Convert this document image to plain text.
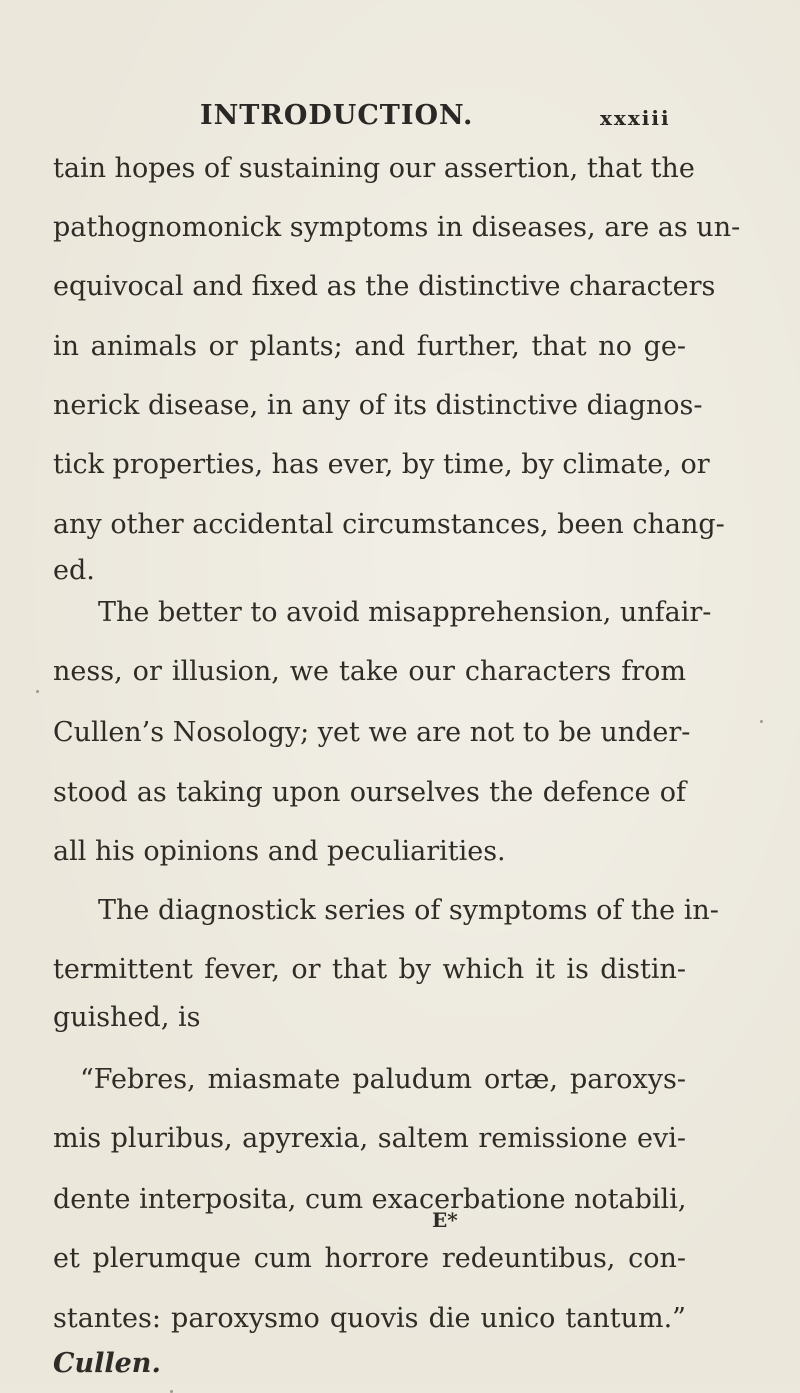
INTRODUCTION.	xxxiii
tain hopes of sustaining our assertion, that the
pathognomonick symptoms in diseases, are as un-
equivocal and fixed as the distinctive characters
in animals or plants; and further, that no ge-
nerick disease, in any of its distinctive diagnos-
tick properties, has ever, by time, by climate, or
any other accidental circumstances, been chang-
ed.
The better to avoid misapprehension, unfair-
ness, or illusion, we take our characters from
Cullen’s Nosology; yet we are not to be under-
stood as taking upon ourselves the defence of
all his opinions and peculiarities.
The diagnostick series of symptoms of the in-
termittent fever, or that by which it is distin-
guished, is
“Febres, miasmate paludum ortæ, paroxys-
mis pluribus, apyrexia, saltem remissione evi-
dente interposita, cum exacerbatione notabili,
et plerumque cum horrore redeuntibus, con-
stantes: paroxysmo quovis die unico tantum.”
Cullen.
E*
